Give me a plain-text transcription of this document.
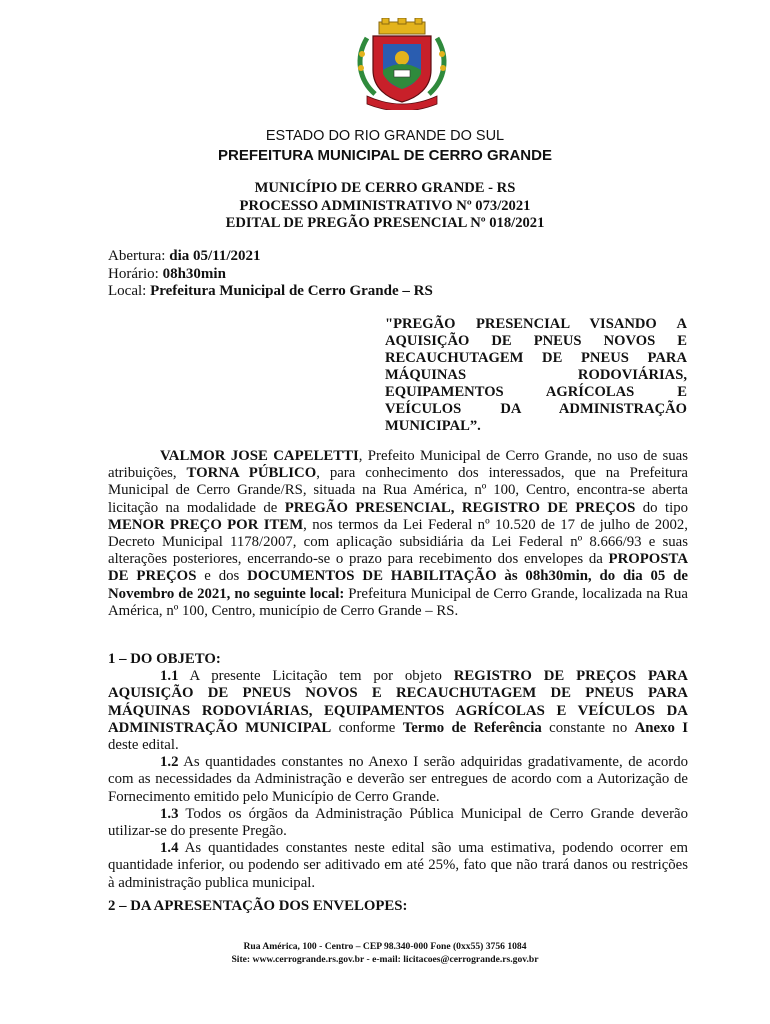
ESTADO DO RIO GRANDE DO SUL
PREFEITURA MUNICIPAL DE CERRO GRANDE
MUNICÍPIO DE CERRO GRANDE - RS
PROCESSO ADMINISTRATIVO Nº 073/2021
EDITAL DE PREGÃO PRESENCIAL Nº 018/2021
Abertura: dia 05/11/2021
Horário: 08h30min
Local: Prefeitura Municipal de Cerro Grande – RS
"PREGÃO PRESENCIAL VISANDO A AQUISIÇÃO DE PNEUS NOVOS E RECAUCHUTAGEM DE PNEUS PARA MÁQUINAS RODOVIÁRIAS, EQUIPAMENTOS AGRÍCOLAS E VEÍCULOS DA ADMINISTRAÇÃO MUNICIPAL”.
VALMOR JOSE CAPELETTI, Prefeito Municipal de Cerro Grande, no uso de suas atribuições, TORNA PÚBLICO, para conhecimento dos interessados, que na Prefeitura Municipal de Cerro Grande/RS, situada na Rua América, nº 100, Centro, encontra-se aberta licitação na modalidade de PREGÃO PRESENCIAL, REGISTRO DE PREÇOS do tipo MENOR PREÇO POR ITEM, nos termos da Lei Federal nº 10.520 de 17 de julho de 2002, Decreto Municipal 1178/2007, com aplicação subsidiária da Lei Federal nº 8.666/93 e suas alterações posteriores, encerrando-se o prazo para recebimento dos envelopes da PROPOSTA DE PREÇOS e dos DOCUMENTOS DE HABILITAÇÃO às 08h30min, do dia 05 de Novembro de 2021, no seguinte local: Prefeitura Municipal de Cerro Grande, localizada na Rua América, nº 100, Centro, município de Cerro Grande – RS.
1 – DO OBJETO:
1.1 A presente Licitação tem por objeto REGISTRO DE PREÇOS PARA AQUISIÇÃO DE PNEUS NOVOS E RECAUCHUTAGEM DE PNEUS PARA MÁQUINAS RODOVIÁRIAS, EQUIPAMENTOS AGRÍCOLAS E VEÍCULOS DA ADMINISTRAÇÃO MUNICIPAL conforme Termo de Referência constante no Anexo I deste edital.
1.2 As quantidades constantes no Anexo I serão adquiridas gradativamente, de acordo com as necessidades da Administração e deverão ser entregues de acordo com a Autorização de Fornecimento emitido pelo Município de Cerro Grande.
1.3 Todos os órgãos da Administração Pública Municipal de Cerro Grande deverão utilizar-se do presente Pregão.
1.4 As quantidades constantes neste edital são uma estimativa, podendo ocorrer em quantidade inferior, ou podendo ser aditivado em até 25%, fato que não trará danos ou restrições à administração publica municipal.
2 – DA APRESENTAÇÃO DOS ENVELOPES:
Rua América, 100 - Centro – CEP 98.340-000 Fone (0xx55) 3756 1084
Site: www.cerrogrande.rs.gov.br - e-mail: licitacoes@cerrogrande.rs.gov.br
